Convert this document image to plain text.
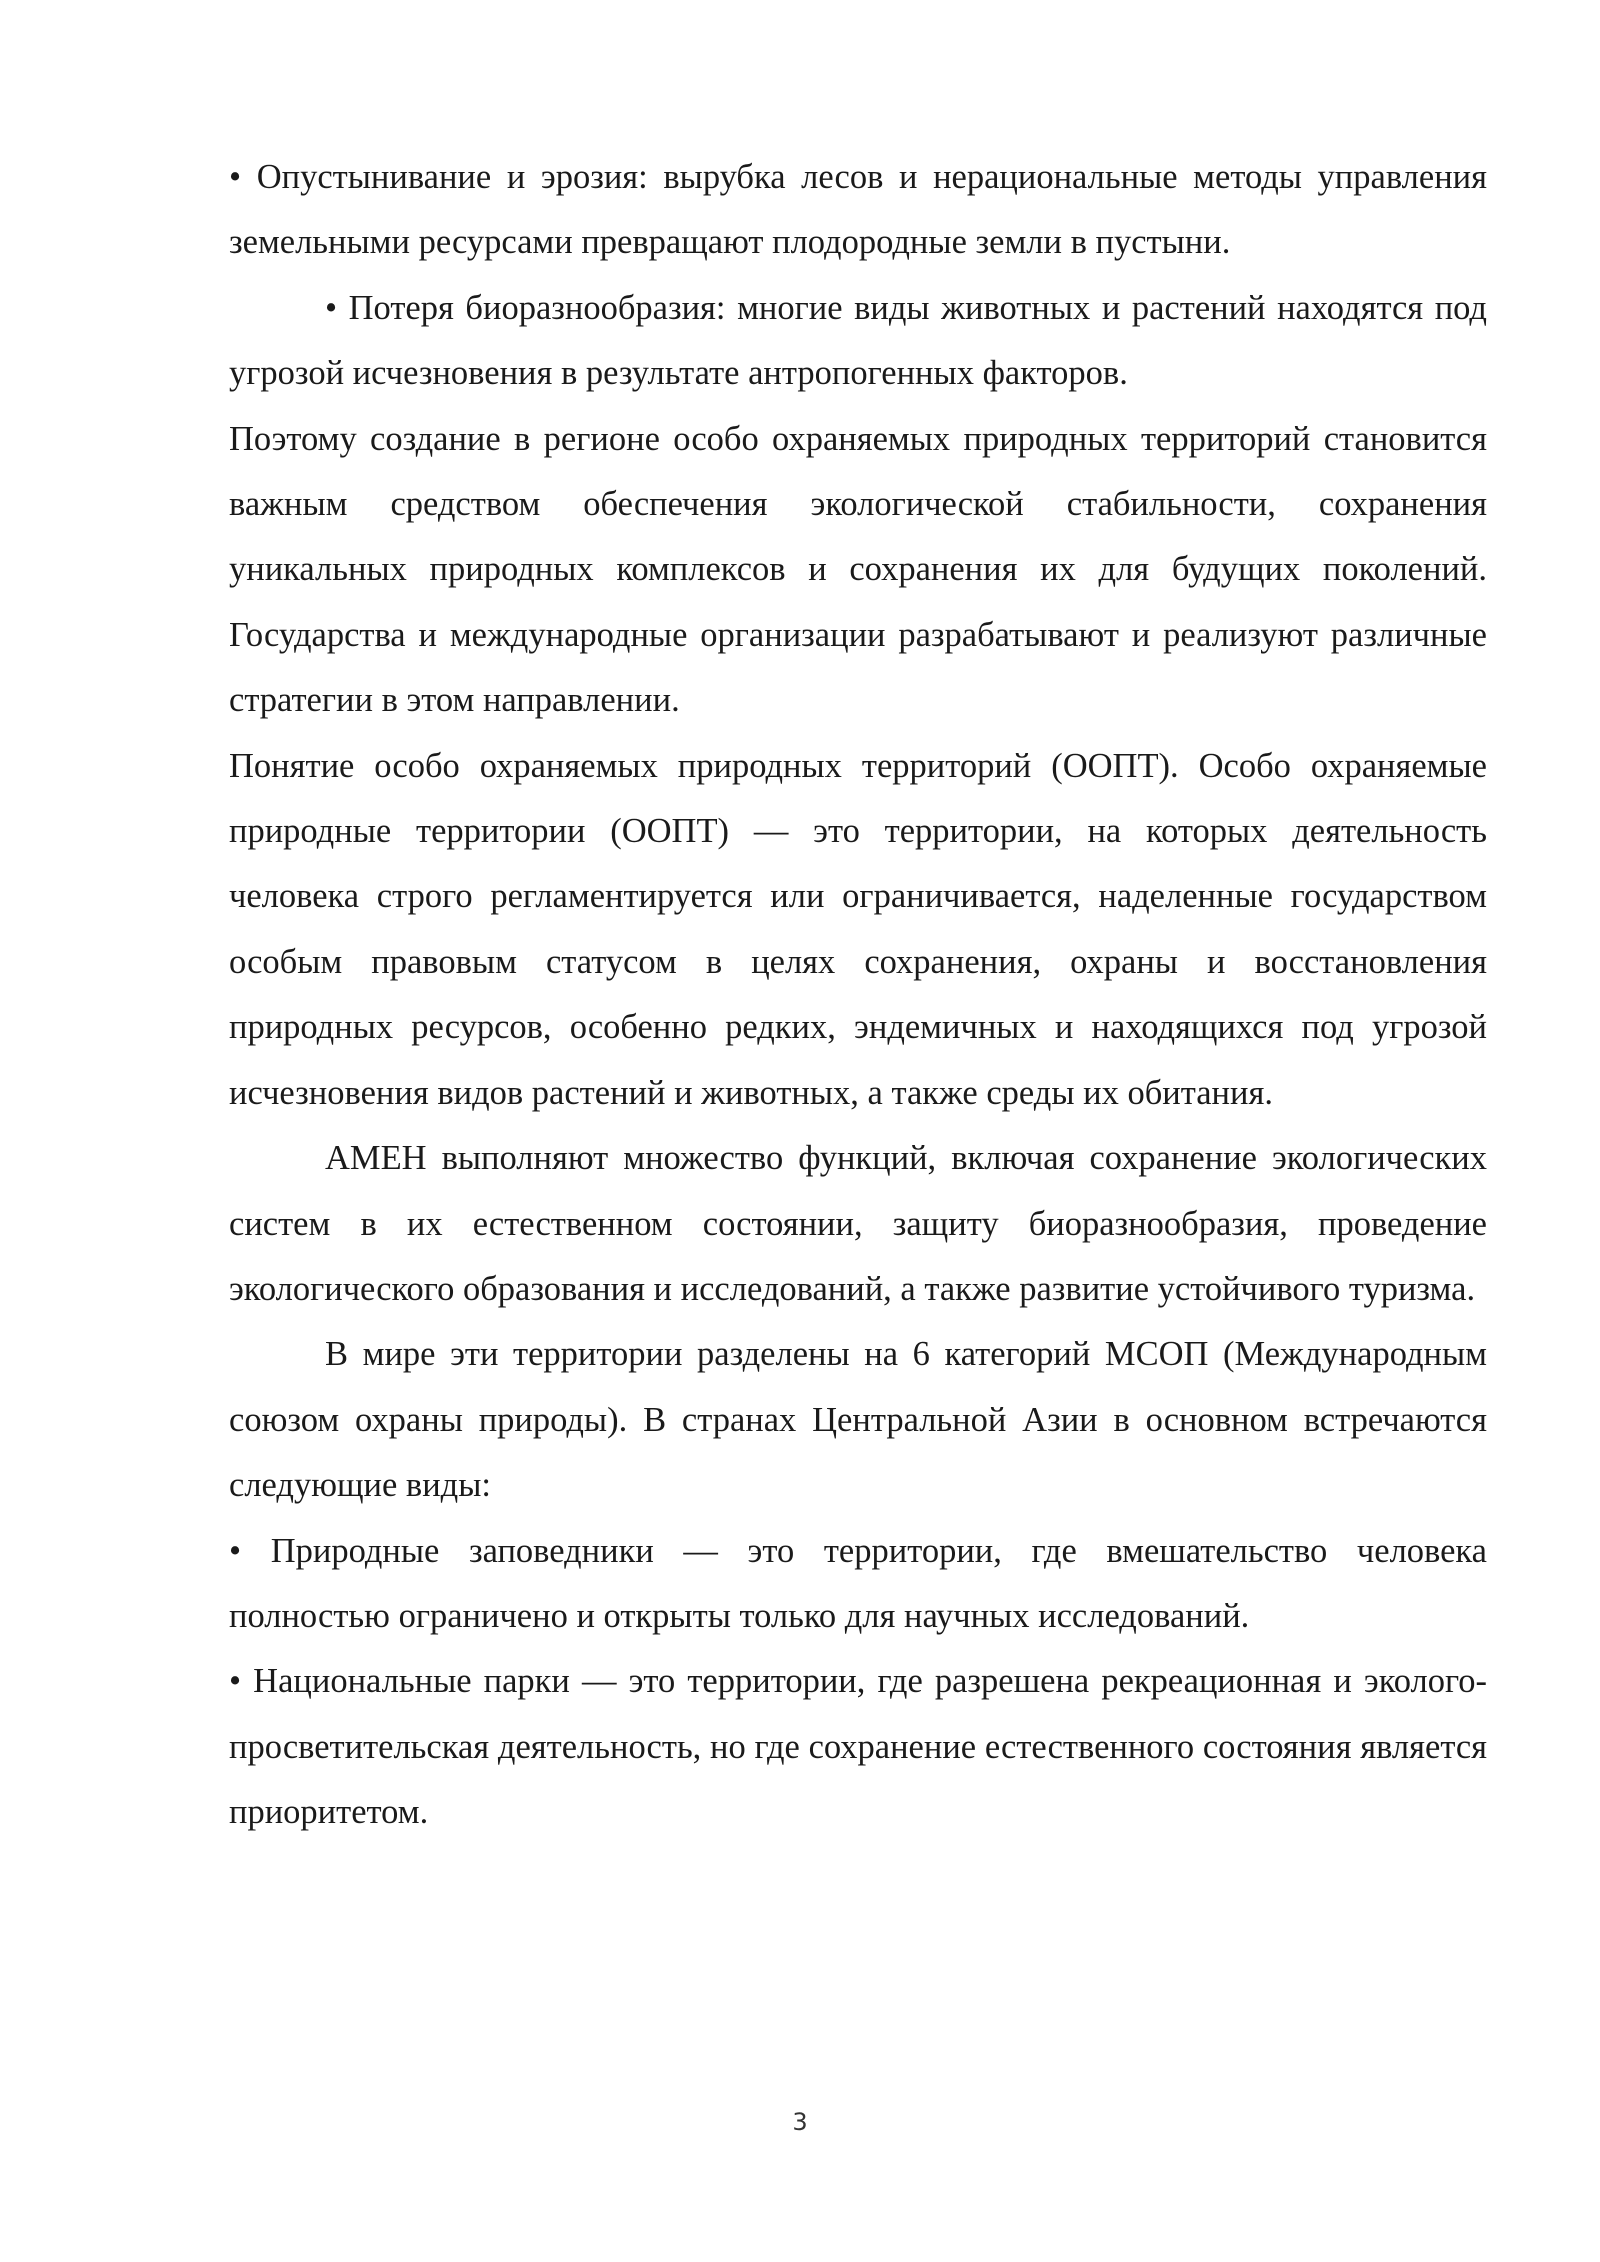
• Опустынивание и эрозия: вырубка лесов и нерациональные методы управления земельными ресурсами превращают плодородные земли в пустыни.

• Потеря биоразнообразия: многие виды животных и растений находятся под угрозой исчезновения в результате антропогенных факторов.

Поэтому создание в регионе особо охраняемых природных территорий становится важным средством обеспечения экологической стабильности, сохранения уникальных природных комплексов и сохранения их для будущих поколений. Государства и международные организации разрабатывают и реализуют различные стратегии в этом направлении.

Понятие особо охраняемых природных территорий (ООПТ). Особо охраняемые природные территории (ООПТ) — это территории, на которых деятельность человека строго регламентируется или ограничивается, наделенные государством особым правовым статусом в целях сохранения, охраны и восстановления природных ресурсов, особенно редких, эндемичных и находящихся под угрозой исчезновения видов растений и животных, а также среды их обитания.

АМЕН выполняют множество функций, включая сохранение экологических систем в их естественном состоянии, защиту биоразнообразия, проведение экологического образования и исследований, а также развитие устойчивого туризма.

В мире эти территории разделены на 6 категорий МСОП (Международным союзом охраны природы). В странах Центральной Азии в основном встречаются следующие виды:

• Природные заповедники — это территории, где вмешательство человека полностью ограничено и открыты только для научных исследований.

• Национальные парки — это территории, где разрешена рекреационная и эколого-просветительская деятельность, но где сохранение естественного состояния является приоритетом.

3
